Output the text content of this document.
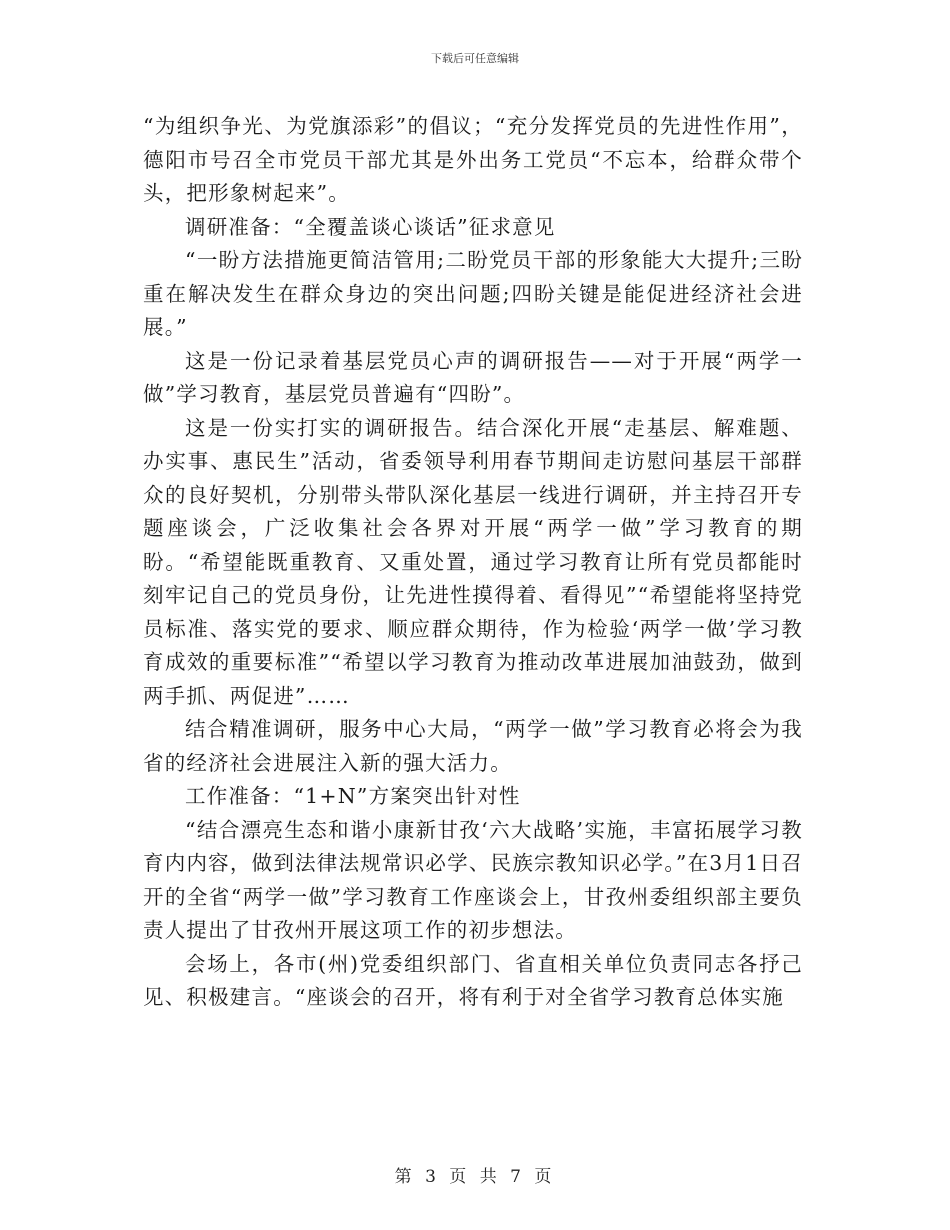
下载后可任意编辑

“为组织争光、为党旗添彩”的倡议；“充分发挥党员的先进性作用”，德阳市号召全市党员干部尤其是外出务工党员“不忘本，给群众带个头，把形象树起来”。

调研准备：“全覆盖谈心谈话”征求意见

“一盼方法措施更简洁管用;二盼党员干部的形象能大大提升;三盼重在解决发生在群众身边的突出问题;四盼关键是能促进经济社会进展。”

这是一份记录着基层党员心声的调研报告——对于开展“两学一做”学习教育，基层党员普遍有“四盼”。

这是一份实打实的调研报告。结合深化开展“走基层、解难题、办实事、惠民生”活动，省委领导利用春节期间走访慰问基层干部群众的良好契机，分别带头带队深化基层一线进行调研，并主持召开专题座谈会，广泛收集社会各界对开展“两学一做”学习教育的期盼。“希望能既重教育、又重处置，通过学习教育让所有党员都能时刻牢记自己的党员身份，让先进性摸得着、看得见”“希望能将坚持党员标准、落实党的要求、顺应群众期待，作为检验‘两学一做’学习教育成效的重要标准”“希望以学习教育为推动改革进展加油鼓劲，做到两手抓、两促进”……

结合精准调研，服务中心大局，“两学一做”学习教育必将会为我省的经济社会进展注入新的强大活力。

工作准备：“1+N”方案突出针对性

“结合漂亮生态和谐小康新甘孜‘六大战略’实施，丰富拓展学习教育内内容，做到法律法规常识必学、民族宗教知识必学。”在3月1日召开的全省“两学一做”学习教育工作座谈会上，甘孜州委组织部主要负责人提出了甘孜州开展这项工作的初步想法。

会场上，各市(州)党委组织部门、省直相关单位负责同志各抒己见、积极建言。“座谈会的召开，将有利于对全省学习教育总体实施

第 3 页 共 7 页
